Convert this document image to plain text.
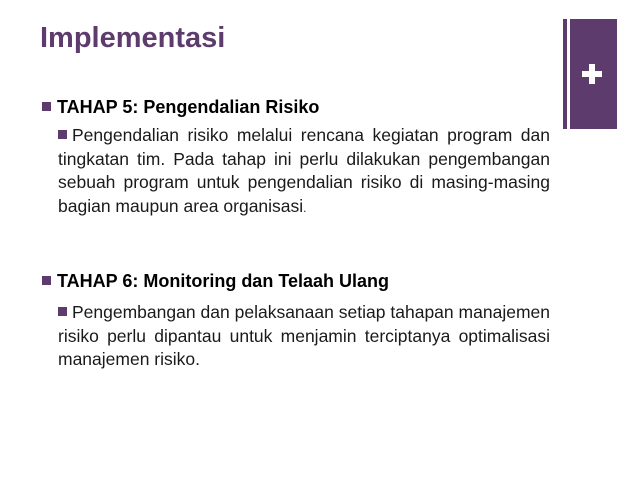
Implementasi
TAHAP 5: Pengendalian Risiko
Pengendalian risiko melalui rencana kegiatan program dan tingkatan tim. Pada tahap ini perlu dilakukan pengembangan sebuah program untuk pengendalian risiko di masing-masing bagian maupun area organisasi.
TAHAP 6: Monitoring dan Telaah Ulang
Pengembangan dan pelaksanaan setiap tahapan manajemen risiko perlu dipantau untuk menjamin terciptanya optimalisasi manajemen risiko.
